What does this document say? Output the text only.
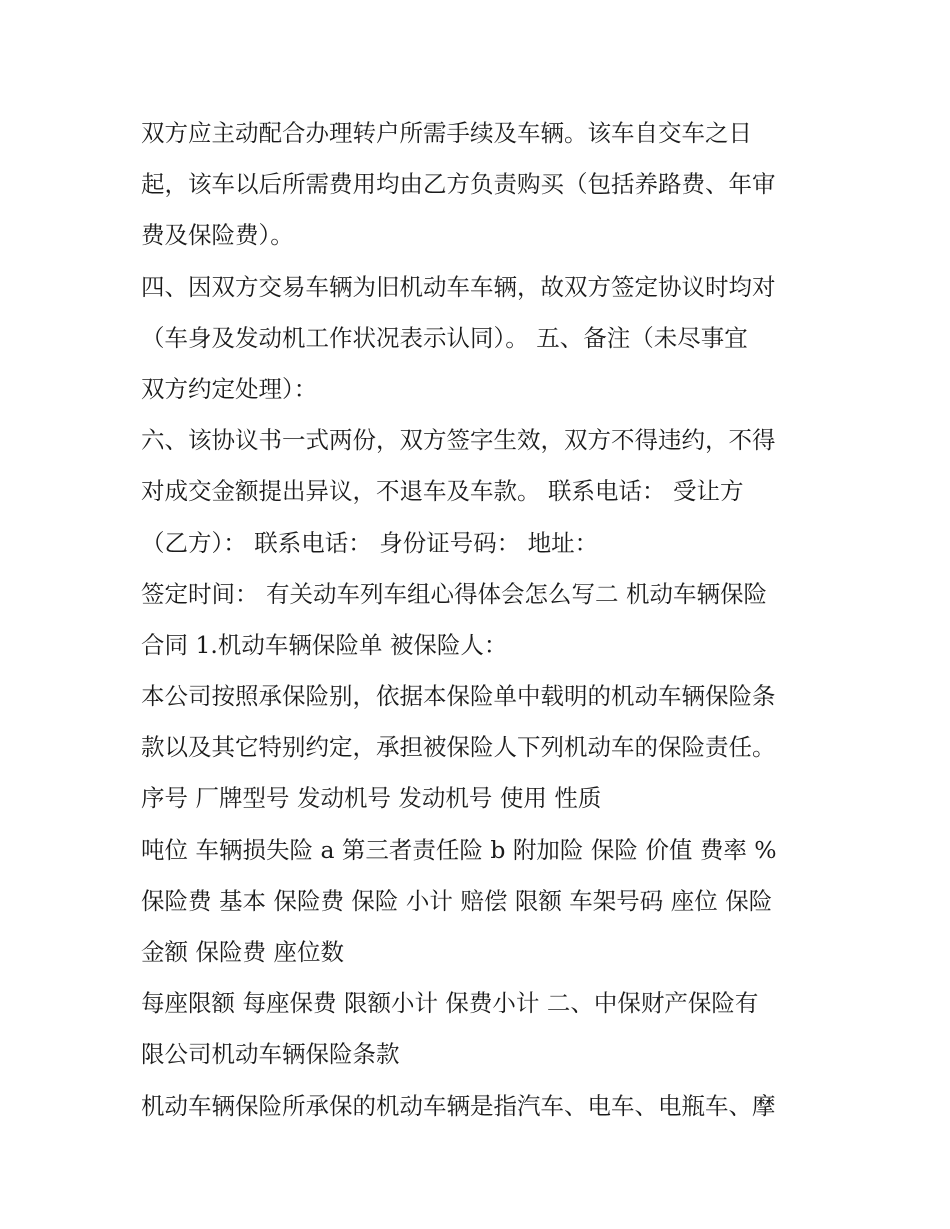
双方应主动配合办理转户所需手续及车辆。该车自交车之日

起，该车以后所需费用均由乙方负责购买（包括养路费、年审

费及保险费）。

四、因双方交易车辆为旧机动车车辆，故双方签定协议时均对

（车身及发动机工作状况表示认同）。 五、备注（未尽事宜

双方约定处理）：

六、该协议书一式两份，双方签字生效，双方不得违约，不得

对成交金额提出异议，不退车及车款。 联系电话： 受让方

（乙方）： 联系电话： 身份证号码： 地址：

签定时间： 有关动车列车组心得体会怎么写二 机动车辆保险

合同 1.机动车辆保险单 被保险人：

本公司按照承保险别，依据本保险单中载明的机动车辆保险条

款以及其它特别约定，承担被保险人下列机动车的保险责任。

序号 厂牌型号 发动机号 发动机号 使用 性质

吨位 车辆损失险 a 第三者责任险 b 附加险 保险 价值 费率 %

保险费 基本 保险费 保险 小计 赔偿 限额 车架号码 座位 保险

金额 保险费 座位数

每座限额 每座保费 限额小计 保费小计 二、中保财产保险有

限公司机动车辆保险条款

机动车辆保险所承保的机动车辆是指汽车、电车、电瓶车、摩
